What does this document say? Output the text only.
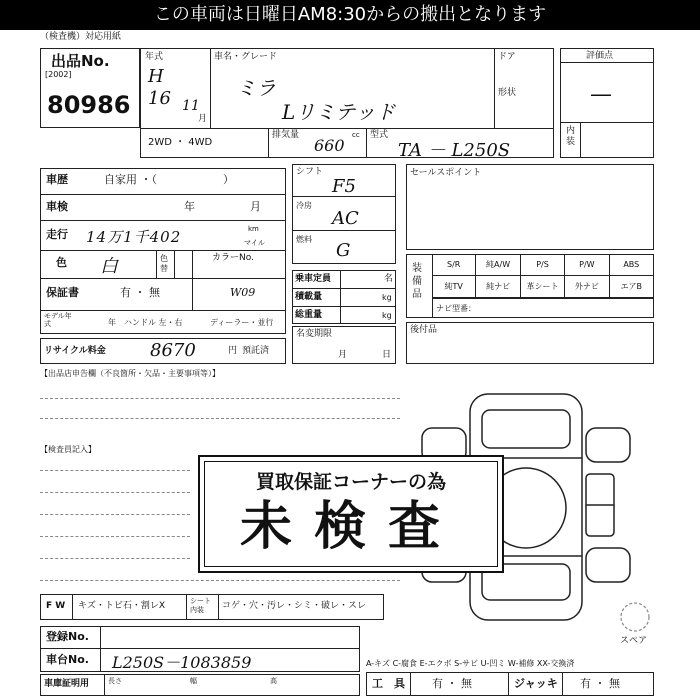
この車両は日曜日AM8:30からの搬出となります
（検査機）対応用紙
出品No.
[2002]
80986
年式
H
16 11
月
車名・グレード
ミラ
Lリミテッド
ドア
形状
2WD ・ 4WD
排気量	cc
660
型式
TA － L250S
評価点
—
内装
車歴	自家用 ・（　　　　　　）
車検	年	月
走行 14万1千402	km
マイル
色 白	色替
カラーNo.
W09
保証書	有 ・ 無
モデル年式	年 ハンドル 左・右	ディーラー・並行
リサイクル料金 8670	円 預託済
シフト
F5
冷房
AC
燃料
G
乗車定員	名
積載量	kg
総重量	kg
名変期限
月	日
セールスポイント
装備品
S/R	純A/W	P/S	P/W	ABS
純TV	純ナビ	革シート	外ナビ	エアB
ナビ型番：
後付品
【出品店申告欄（不良箇所・欠品・主要事項等）】
【検査員記入】
買取保証コーナーの為
未検査
F W キズ・トビ石・割レX	シート内装	コゲ・穴・汚レ・シミ・破レ・スレ
登録No.
車台No. L250S－1083859
車庫証明用	長さ	幅	高
スペア
A-キズ C-腐食 E-エクボ S-サビ U-凹ミ W-補修 XX-交換済
工　具 有 ・ 無	ジャッキ 有 ・ 無
